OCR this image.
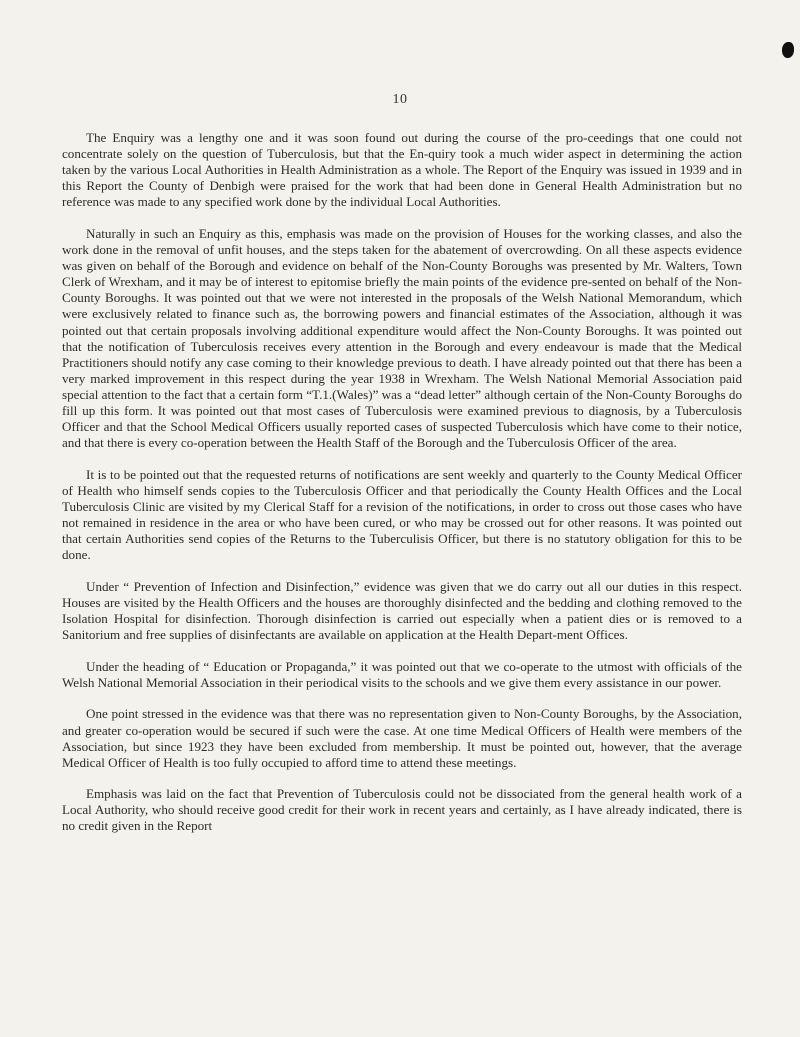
10

The Enquiry was a lengthy one and it was soon found out during the course of the pro-ceedings that one could not concentrate solely on the question of Tuberculosis, but that the En-quiry took a much wider aspect in determining the action taken by the various Local Authorities in Health Administration as a whole. The Report of the Enquiry was issued in 1939 and in this Report the County of Denbigh were praised for the work that had been done in General Health Administration but no reference was made to any specified work done by the individual Local Authorities.

Naturally in such an Enquiry as this, emphasis was made on the provision of Houses for the working classes, and also the work done in the removal of unfit houses, and the steps taken for the abatement of overcrowding. On all these aspects evidence was given on behalf of the Borough and evidence on behalf of the Non-County Boroughs was presented by Mr. Walters, Town Clerk of Wrexham, and it may be of interest to epitomise briefly the main points of the evidence pre-sented on behalf of the Non-County Boroughs. It was pointed out that we were not interested in the proposals of the Welsh National Memorandum, which were exclusively related to finance such as, the borrowing powers and financial estimates of the Association, although it was pointed out that certain proposals involving additional expenditure would affect the Non-County Boroughs. It was pointed out that the notification of Tuberculosis receives every attention in the Borough and every endeavour is made that the Medical Practitioners should notify any case coming to their knowledge previous to death. I have already pointed out that there has been a very marked improvement in this respect during the year 1938 in Wrexham. The Welsh National Memorial Association paid special attention to the fact that a certain form “T.1.(Wales)” was a “dead letter” although certain of the Non-County Boroughs do fill up this form. It was pointed out that most cases of Tuberculosis were examined previous to diagnosis, by a Tuberculosis Officer and that the School Medical Officers usually reported cases of suspected Tuberculosis which have come to their notice, and that there is every co-operation between the Health Staff of the Borough and the Tuberculosis Officer of the area.

It is to be pointed out that the requested returns of notifications are sent weekly and quarterly to the County Medical Officer of Health who himself sends copies to the Tuberculosis Officer and that periodically the County Health Offices and the Local Tuberculosis Clinic are visited by my Clerical Staff for a revision of the notifications, in order to cross out those cases who have not remained in residence in the area or who have been cured, or who may be crossed out for other reasons. It was pointed out that certain Authorities send copies of the Returns to the Tuberculisis Officer, but there is no statutory obligation for this to be done.

Under “ Prevention of Infection and Disinfection,” evidence was given that we do carry out all our duties in this respect. Houses are visited by the Health Officers and the houses are thoroughly disinfected and the bedding and clothing removed to the Isolation Hospital for disinfection. Thorough disinfection is carried out especially when a patient dies or is removed to a Sanitorium and free supplies of disinfectants are available on application at the Health Depart-ment Offices.

Under the heading of “ Education or Propaganda,” it was pointed out that we co-operate to the utmost with officials of the Welsh National Memorial Association in their periodical visits to the schools and we give them every assistance in our power.

One point stressed in the evidence was that there was no representation given to Non-County Boroughs, by the Association, and greater co-operation would be secured if such were the case. At one time Medical Officers of Health were members of the Association, but since 1923 they have been excluded from membership. It must be pointed out, however, that the average Medical Officer of Health is too fully occupied to afford time to attend these meetings.

Emphasis was laid on the fact that Prevention of Tuberculosis could not be dissociated from the general health work of a Local Authority, who should receive good credit for their work in recent years and certainly, as I have already indicated, there is no credit given in the Report
